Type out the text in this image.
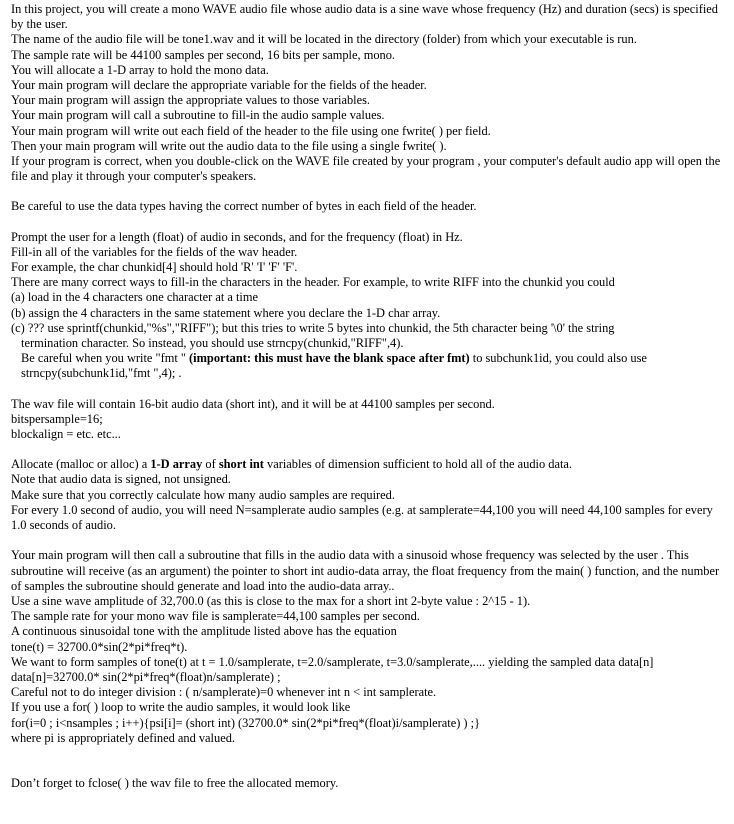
In this project, you will create a mono WAVE audio file whose audio data is a sine wave whose frequency (Hz) and duration (secs) is specified by the user.

The name of the audio file will be tone1.wav and it will be located in the directory (folder) from which your executable is run.

The sample rate will be 44100 samples per second, 16 bits per sample, mono.

You will allocate a 1-D array to hold the mono data.

Your main program will declare the appropriate variable for the fields of the header.

Your main program will assign the appropriate values to those variables.

Your main program will call a subroutine to fill-in the audio sample values.

Your main program will write out each field of the header to the file using one fwrite( ) per field.

Then your main program will write out the audio data to the file using a single fwrite( ).

If your program is correct, when you double-click on the WAVE file created by your program , your computer's default audio app will open the file and play it through your computer's speakers.

Be careful to use the data types having the correct number of bytes in each field of the header.

Prompt the user for a length (float) of audio in seconds, and for the frequency (float) in Hz.

Fill-in all of the variables for the fields of the wav header.

For example, the char chunkid[4] should hold 'R' 'I' 'F' 'F'.

There are many correct ways to fill-in the characters in the header. For example, to write RIFF into the chunkid you could

(a) load in the 4 characters one character at a time

(b) assign the 4 characters in the same statement where you declare the 1-D char array.

(c) ??? use sprintf(chunkid,"%s","RIFF"); but this tries to write 5 bytes into chunkid, the 5th character being '\0' the string

termination character. So instead, you should use strncpy(chunkid,"RIFF",4).

Be careful when you write "fmt " (important: this must have the blank space after fmt) to subchunk1id, you could also use

strncpy(subchunk1id,"fmt ",4); .

The wav file will contain 16-bit audio data (short int), and it will be at 44100 samples per second.

bitspersample=16;

blockalign = etc. etc...

Allocate (malloc or alloc) a 1-D array of short int variables of dimension sufficient to hold all of the audio data.

Note that audio data is signed, not unsigned.

Make sure that you correctly calculate how many audio samples are required.

For every 1.0 second of audio, you will need N=samplerate audio samples (e.g. at samplerate=44,100 you will need 44,100 samples for every 1.0 seconds of audio.

Your main program will then call a subroutine that fills in the audio data with a sinusoid whose frequency was selected by the user . This subroutine will receive (as an argument) the pointer to short int audio-data array, the float frequency from the main( ) function, and the number of samples the subroutine should generate and load into the audio-data array..

Use a sine wave amplitude of 32,700.0 (as this is close to the max for a short int 2-byte value : 2^15 - 1).

The sample rate for your mono wav file is samplerate=44,100 samples per second.

A continuous sinusoidal tone with the amplitude listed above has the equation

tone(t) = 32700.0*sin(2*pi*freq*t).

We want to form samples of tone(t) at t = 1.0/samplerate, t=2.0/samplerate, t=3.0/samplerate,.... yielding the sampled data data[n]

data[n]=32700.0* sin(2*pi*freq*(float)n/samplerate) ;

Careful not to do integer division : ( n/samplerate)=0 whenever int n < int samplerate.

If you use a for( ) loop to write the audio samples, it would look like

for(i=0 ; i<nsamples ; i++){psi[i]= (short int) (32700.0* sin(2*pi*freq*(float)i/samplerate) ) ;}

where pi is appropriately defined and valued.

Don’t forget to fclose( ) the wav file to free the allocated memory.
